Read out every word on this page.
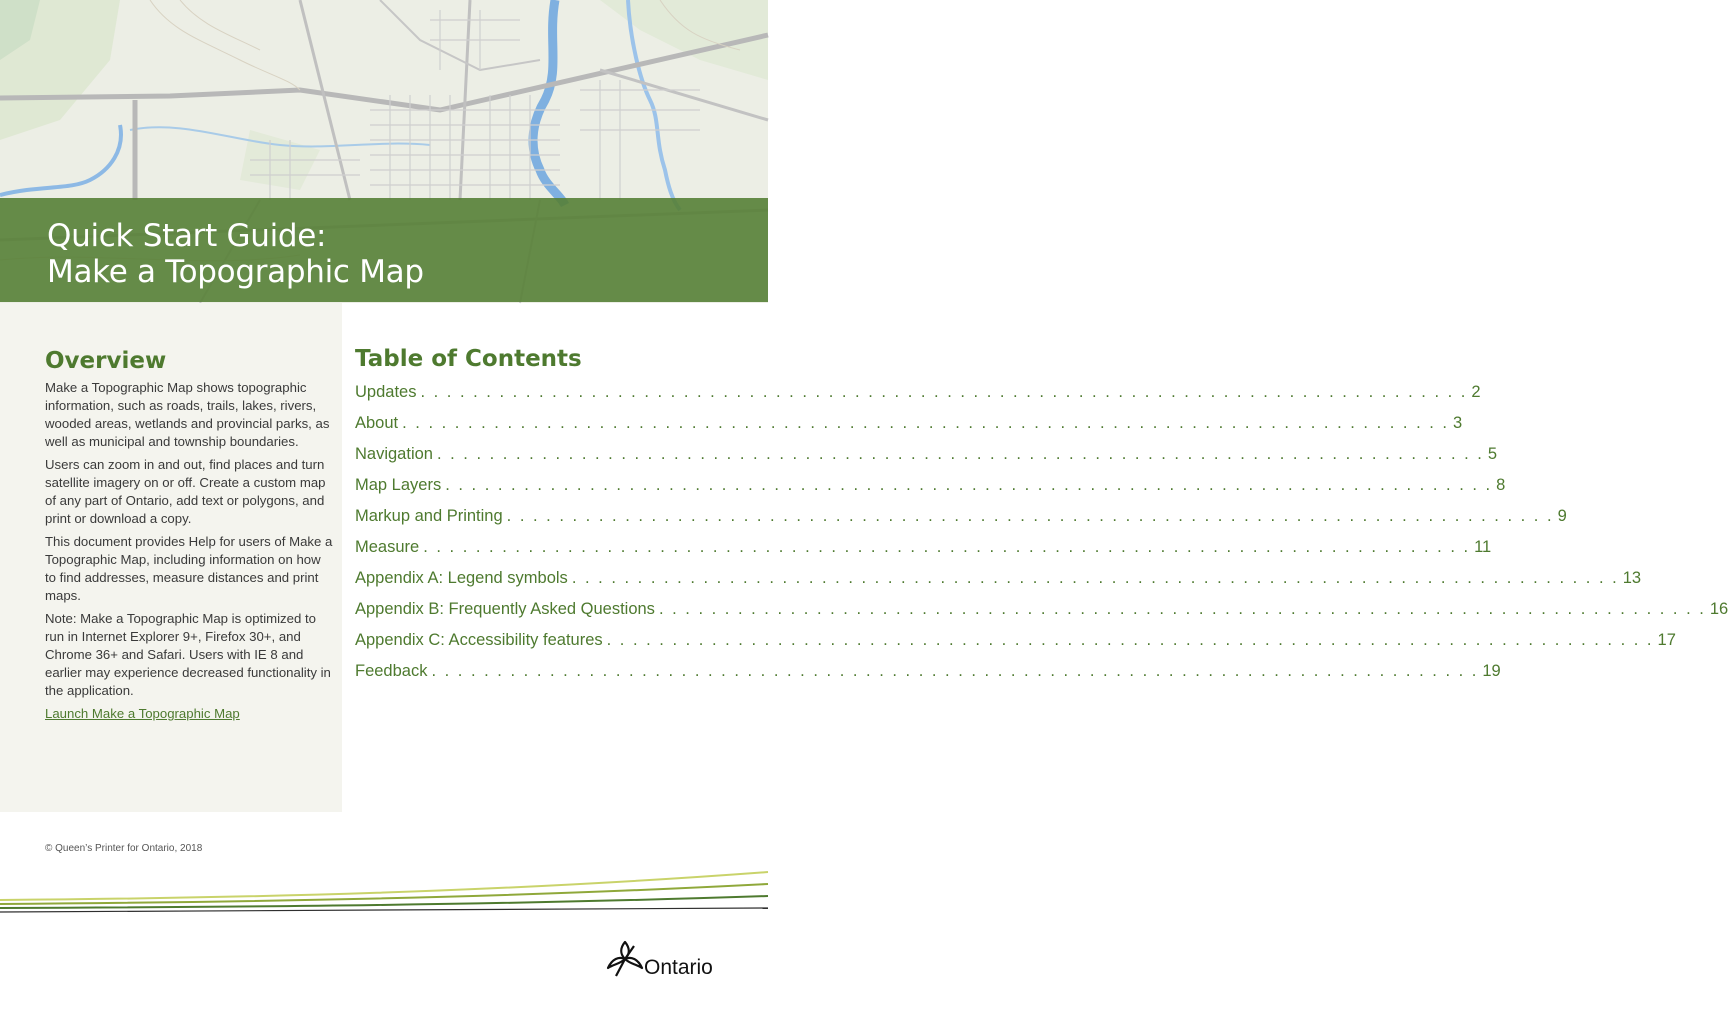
Quick Start Guide:
Make a Topographic Map
Overview

Make a Topographic Map shows topographic information, such as roads, trails, lakes, rivers, wooded areas, wetlands and provincial parks, as well as municipal and township boundaries.

Users can zoom in and out, find places and turn satellite imagery on or off. Create a custom map of any part of Ontario, add text or polygons, and print or download a copy.

This document provides Help for users of Make a Topographic Map, including information on how to find addresses, measure distances and print maps.

Note: Make a Topographic Map is optimized to run in Internet Explorer 9+, Firefox 30+, and Chrome 36+ and Safari. Users with IE 8 and earlier may experience decreased functionality in the application.

Launch Make a Topographic Map
Table of Contents
Updates . . . . . . . . . . . . . . . . . . . . . . . . . . . . . . . . . . . . . . . . . . . . . . . . . . . . . . . . . . . . . . . . . . . . . . . . . . . . . . . . 2
About . . . . . . . . . . . . . . . . . . . . . . . . . . . . . . . . . . . . . . . . . . . . . . . . . . . . . . . . . . . . . . . . . . . . . . . . . . . . . . . . 3
Navigation . . . . . . . . . . . . . . . . . . . . . . . . . . . . . . . . . . . . . . . . . . . . . . . . . . . . . . . . . . . . . . . . . . . . . . . . . . . . . . . . 5
Map Layers . . . . . . . . . . . . . . . . . . . . . . . . . . . . . . . . . . . . . . . . . . . . . . . . . . . . . . . . . . . . . . . . . . . . . . . . . . . . . . . . 8
Markup and Printing . . . . . . . . . . . . . . . . . . . . . . . . . . . . . . . . . . . . . . . . . . . . . . . . . . . . . . . . . . . . . . . . . . . . . . . . . . . . . . . . 9
Measure . . . . . . . . . . . . . . . . . . . . . . . . . . . . . . . . . . . . . . . . . . . . . . . . . . . . . . . . . . . . . . . . . . . . . . . . . . . . . . . . 11
Appendix A: Legend symbols . . . . . . . . . . . . . . . . . . . . . . . . . . . . . . . . . . . . . . . . . . . . . . . . . . . . . . . . . . . . . . . . . . . . . . . . . . . . . . . . 13
Appendix B: Frequently Asked Questions . . . . . . . . . . . . . . . . . . . . . . . . . . . . . . . . . . . . . . . . . . . . . . . . . . . . . . . . . . . . . . . . . . . . . . . . . . . . . . . . 16
Appendix C: Accessibility features . . . . . . . . . . . . . . . . . . . . . . . . . . . . . . . . . . . . . . . . . . . . . . . . . . . . . . . . . . . . . . . . . . . . . . . . . . . . . . . . 17
Feedback . . . . . . . . . . . . . . . . . . . . . . . . . . . . . . . . . . . . . . . . . . . . . . . . . . . . . . . . . . . . . . . . . . . . . . . . . . . . . . . . 19
© Queen’s Printer for Ontario, 2018
Ontario
